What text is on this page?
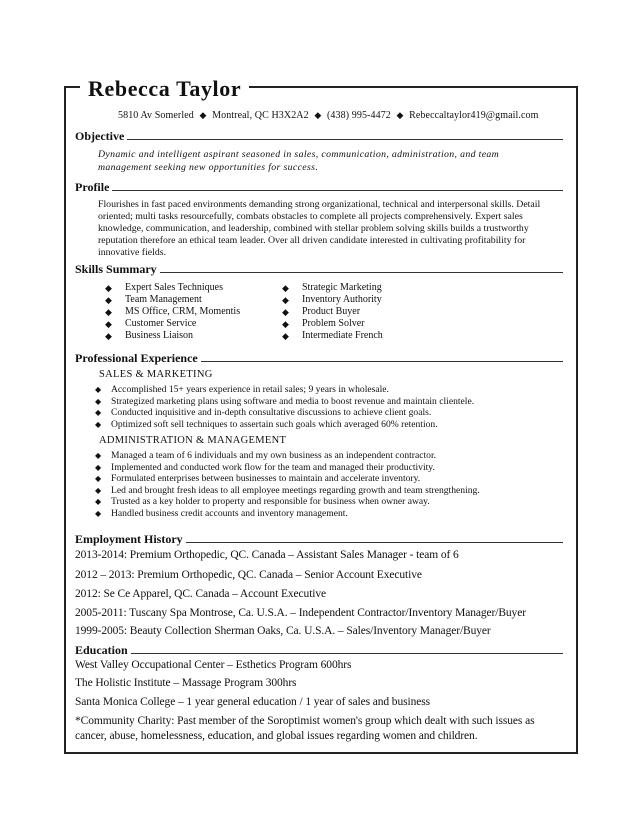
Rebecca Taylor
5810 Av Somerled ◆ Montreal, QC H3X2A2 ◆ (438) 995-4472 ◆ Rebeccaltaylor419@gmail.com
Objective
Dynamic and intelligent aspirant seasoned in sales, communication, administration, and team management seeking new opportunities for success.
Profile
Flourishes in fast paced environments demanding strong organizational, technical and interpersonal skills. Detail oriented; multi tasks resourcefully, combats obstacles to complete all projects comprehensively. Expert sales knowledge, communication, and leadership, combined with stellar problem solving skills builds a trustworthy reputation therefore an ethical team leader. Over all driven candidate interested in cultivating profitability for innovative fields.
Skills Summary
◆	Expert Sales Techniques
◆	Team Management
◆	MS Office, CRM, Momentis
◆	Customer Service
◆	Business Liaison
◆	Strategic Marketing
◆	Inventory Authority
◆	Product Buyer
◆	Problem Solver
◆	Intermediate French
Professional Experience
SALES & MARKETING
◆	Accomplished 15+ years experience in retail sales; 9 years in wholesale.
◆	Strategized marketing plans using software and media to boost revenue and maintain clientele.
◆	Conducted inquisitive and in-depth consultative discussions to achieve client goals.
◆	Optimized soft sell techniques to assertain such goals which averaged 60% retention.
ADMINISTRATION & MANAGEMENT
◆	Managed a team of 6 individuals and my own business as an independent contractor.
◆	Implemented and conducted work flow for the team and managed their productivity.
◆	Formulated enterprises between businesses to maintain and accelerate inventory.
◆	Led and brought fresh ideas to all employee meetings regarding growth and team strengthening.
◆	Trusted as a key holder to property and responsible for business when owner away.
◆	Handled business credit accounts and inventory management.
Employment History
2013-2014: Premium Orthopedic, QC. Canada – Assistant Sales Manager - team of 6
2012 – 2013: Premium Orthopedic, QC. Canada – Senior Account Executive
2012: Se Ce Apparel, QC. Canada – Account Executive
2005-2011: Tuscany Spa Montrose, Ca. U.S.A. – Independent Contractor/Inventory Manager/Buyer
1999-2005: Beauty Collection Sherman Oaks, Ca. U.S.A. – Sales/Inventory Manager/Buyer
Education
West Valley Occupational Center – Esthetics Program 600hrs
The Holistic Institute – Massage Program 300hrs
Santa Monica College – 1 year general education / 1 year of sales and business
*Community Charity: Past member of the Soroptimist women's group which dealt with such issues as cancer, abuse, homelessness, education, and global issues regarding women and children.
